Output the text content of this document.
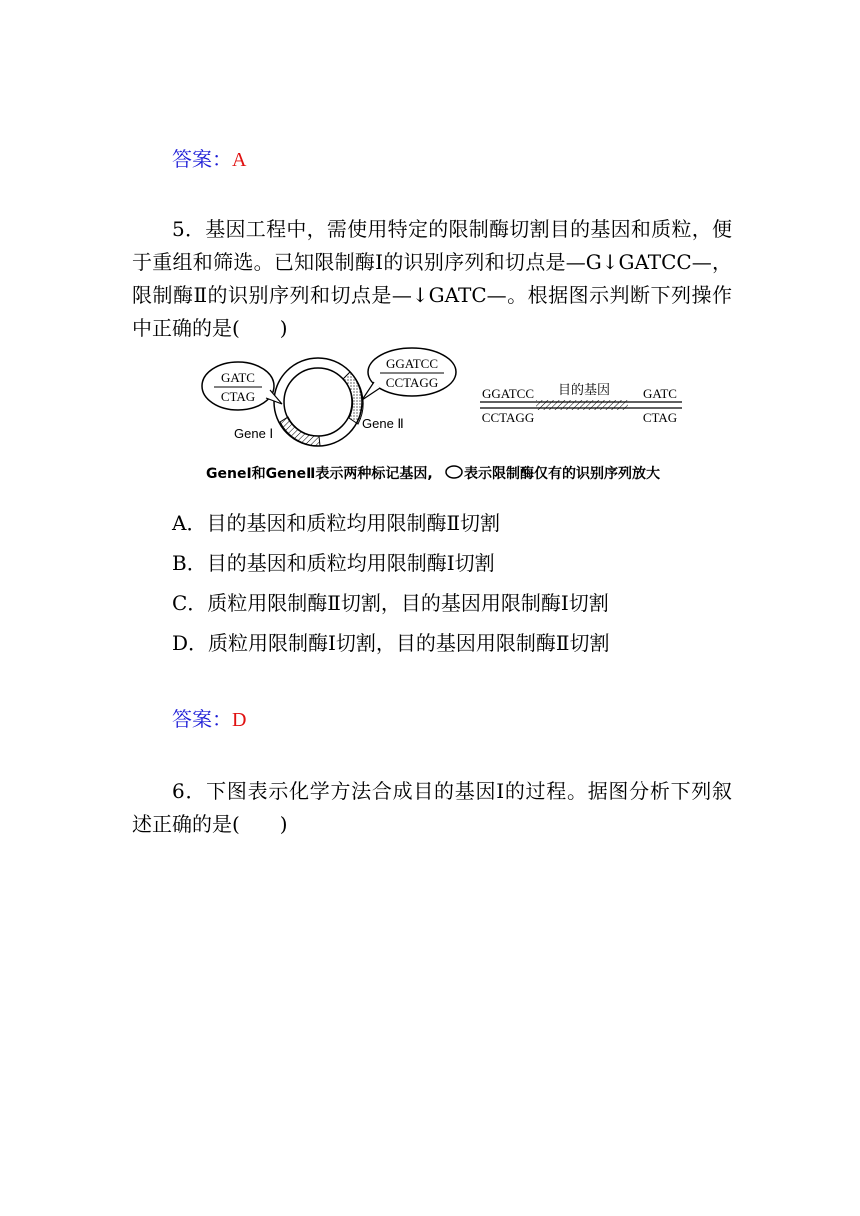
答案：A
5．基因工程中，需使用特定的限制酶切割目的基因和质粒，便于重组和筛选。已知限制酶Ⅰ的识别序列和切点是—G↓GATCC—，限制酶Ⅱ的识别序列和切点是—↓GATC—。根据图示判断下列操作中正确的是(　　)
GATC
CTAG
GGATCC
CCTAGG
Gene Ⅰ
Gene Ⅱ
GGATCC
CCTAGG
目的基因	GATC
CTAG
GeneⅠ和GeneⅡ表示两种标记基因, 表示限制酶仅有的识别序列放大
A．目的基因和质粒均用限制酶Ⅱ切割
B．目的基因和质粒均用限制酶Ⅰ切割
C．质粒用限制酶Ⅱ切割，目的基因用限制酶Ⅰ切割
D．质粒用限制酶Ⅰ切割，目的基因用限制酶Ⅱ切割
答案：D
6．下图表示化学方法合成目的基因Ⅰ的过程。据图分析下列叙述正确的是(　　)
